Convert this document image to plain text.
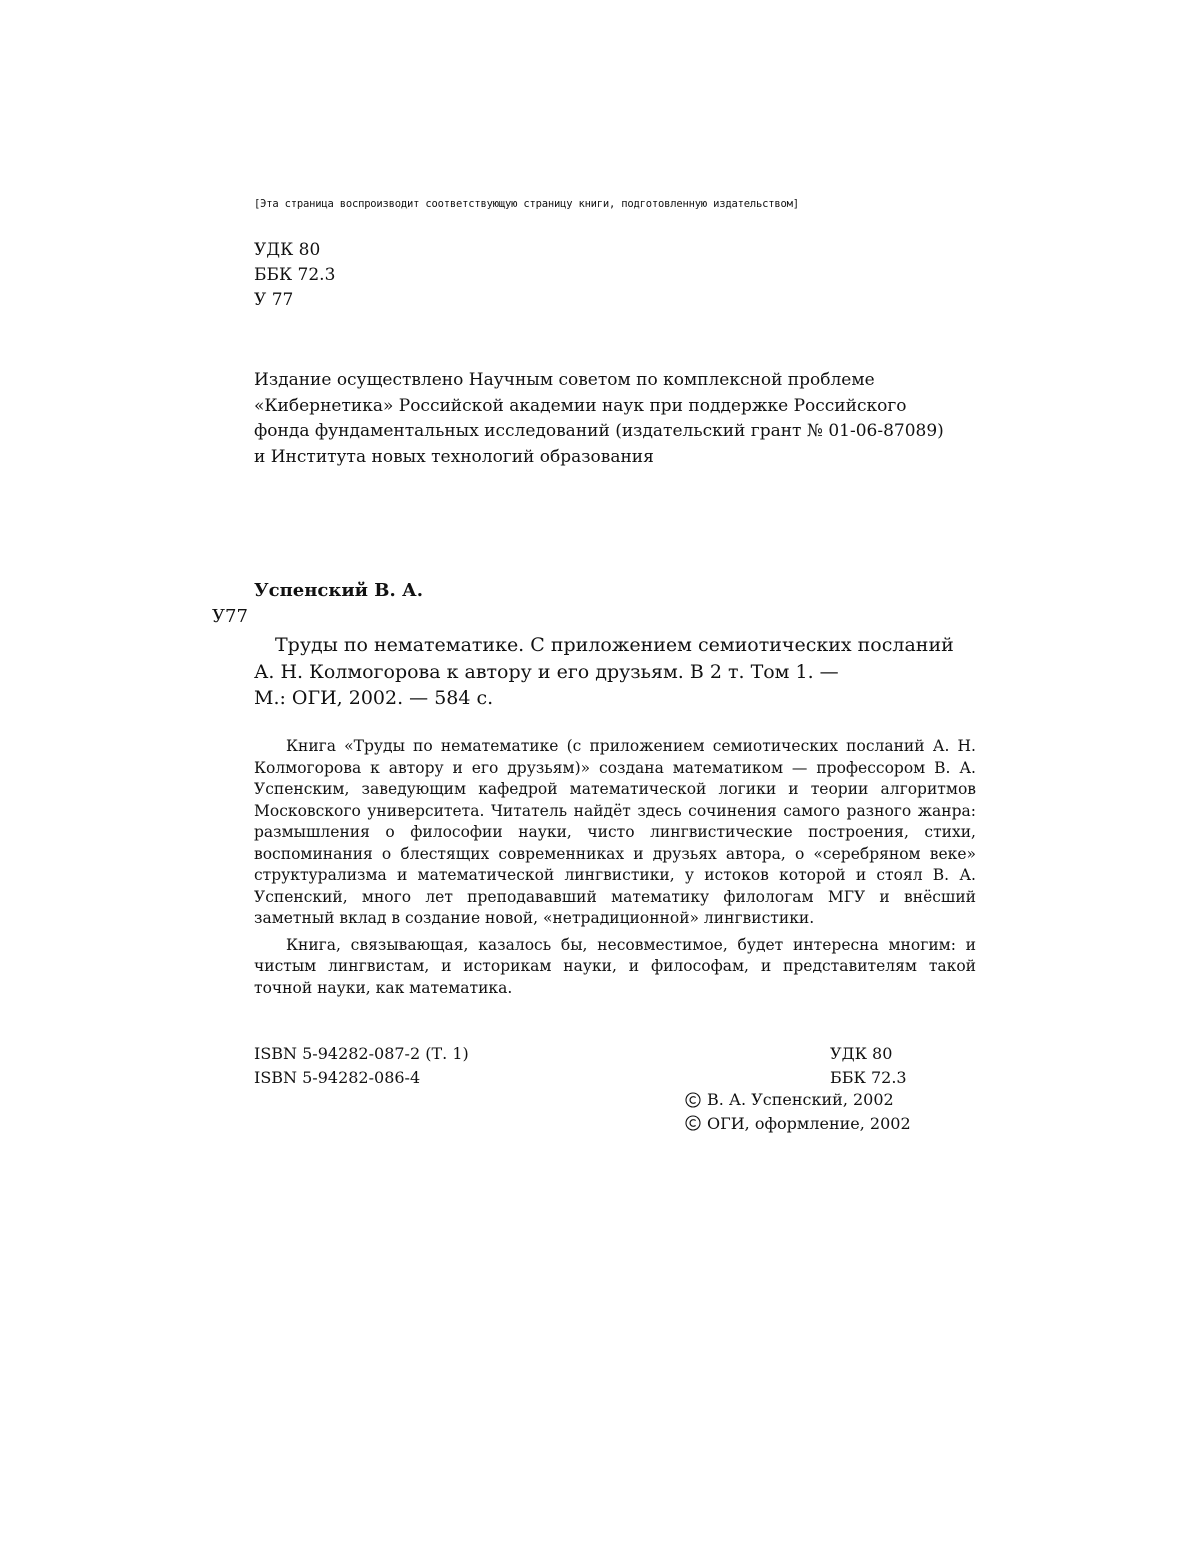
[Эта страница воспроизводит соответствующую страницу книги, подготовленную издательством]
УДК 80
ББК 72.3
У 77
Издание осуществлено Научным советом по комплексной проблеме
«Кибернетика» Российской академии наук при поддержке Российского
фонда фундаментальных исследований (издательский грант № 01-06-87089)
и Института новых технологий образования
Успенский В. А.
У77
Труды по нематематике. С приложением семиотических посланий
А. Н. Колмогорова к автору и его друзьям. В 2 т. Том 1. —
М.: ОГИ, 2002. — 584 с.
Книга «Труды по нематематике (с приложением семиотических посланий А. Н. Колмогорова к автору и его друзьям)» создана математиком — профессором В. А. Успенским, заведующим кафедрой математической логики и теории алгоритмов Московского университета. Читатель найдёт здесь сочинения самого разного жанра: размышления о философии науки, чисто лингвистические построения, стихи, воспоминания о блестящих современниках и друзьях автора, о «серебряном веке» структурализма и математической лингвистики, у истоков которой и стоял В. А. Успенский, много лет преподававший математику филологам МГУ и внёсший заметный вклад в создание новой, «нетрадиционной» лингвистики.
Книга, связывающая, казалось бы, несовместимое, будет интересна многим: и чистым лингвистам, и историкам науки, и философам, и представителям такой точной науки, как математика.
ISBN 5-94282-087-2 (Т. 1)
ISBN 5-94282-086-4
УДК 80
ББК 72.3
В. А. Успенский, 2002
ОГИ, оформление, 2002
